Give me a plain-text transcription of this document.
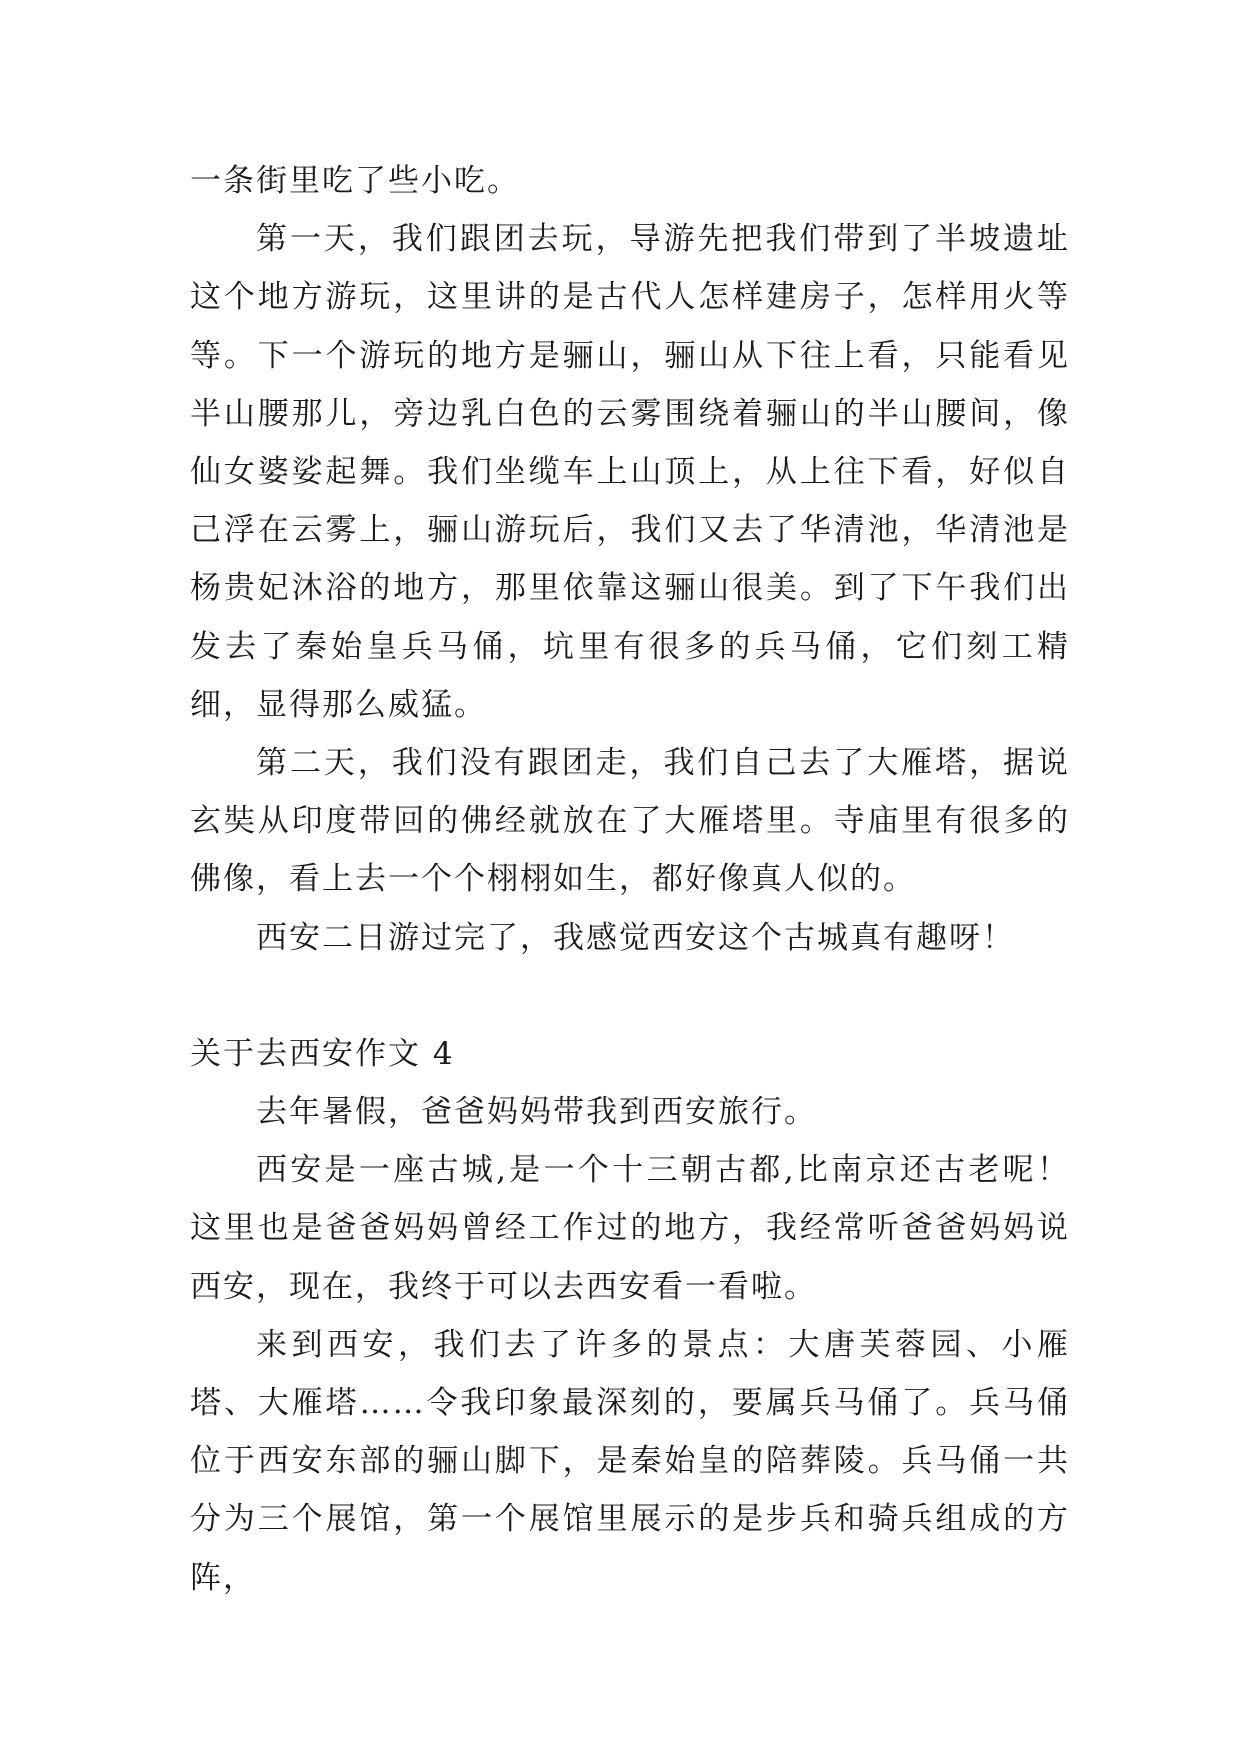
一条街里吃了些小吃。

第一天，我们跟团去玩，导游先把我们带到了半坡遗址这个地方游玩，这里讲的是古代人怎样建房子，怎样用火等等。下一个游玩的地方是骊山，骊山从下往上看，只能看见半山腰那儿，旁边乳白色的云雾围绕着骊山的半山腰间，像仙女婆娑起舞。我们坐缆车上山顶上，从上往下看，好似自己浮在云雾上，骊山游玩后，我们又去了华清池，华清池是杨贵妃沐浴的地方，那里依靠这骊山很美。到了下午我们出发去了秦始皇兵马俑，坑里有很多的兵马俑，它们刻工精细，显得那么威猛。

第二天，我们没有跟团走，我们自己去了大雁塔，据说玄奘从印度带回的佛经就放在了大雁塔里。寺庙里有很多的佛像，看上去一个个栩栩如生，都好像真人似的。

西安二日游过完了，我感觉西安这个古城真有趣呀！

关于去西安作文 4

去年暑假，爸爸妈妈带我到西安旅行。

西安是一座古城,是一个十三朝古都,比南京还古老呢！这里也是爸爸妈妈曾经工作过的地方，我经常听爸爸妈妈说西安，现在，我终于可以去西安看一看啦。

来到西安，我们去了许多的景点：大唐芙蓉园、小雁塔、大雁塔……令我印象最深刻的，要属兵马俑了。兵马俑位于西安东部的骊山脚下，是秦始皇的陪葬陵。兵马俑一共分为三个展馆，第一个展馆里展示的是步兵和骑兵组成的方阵，
